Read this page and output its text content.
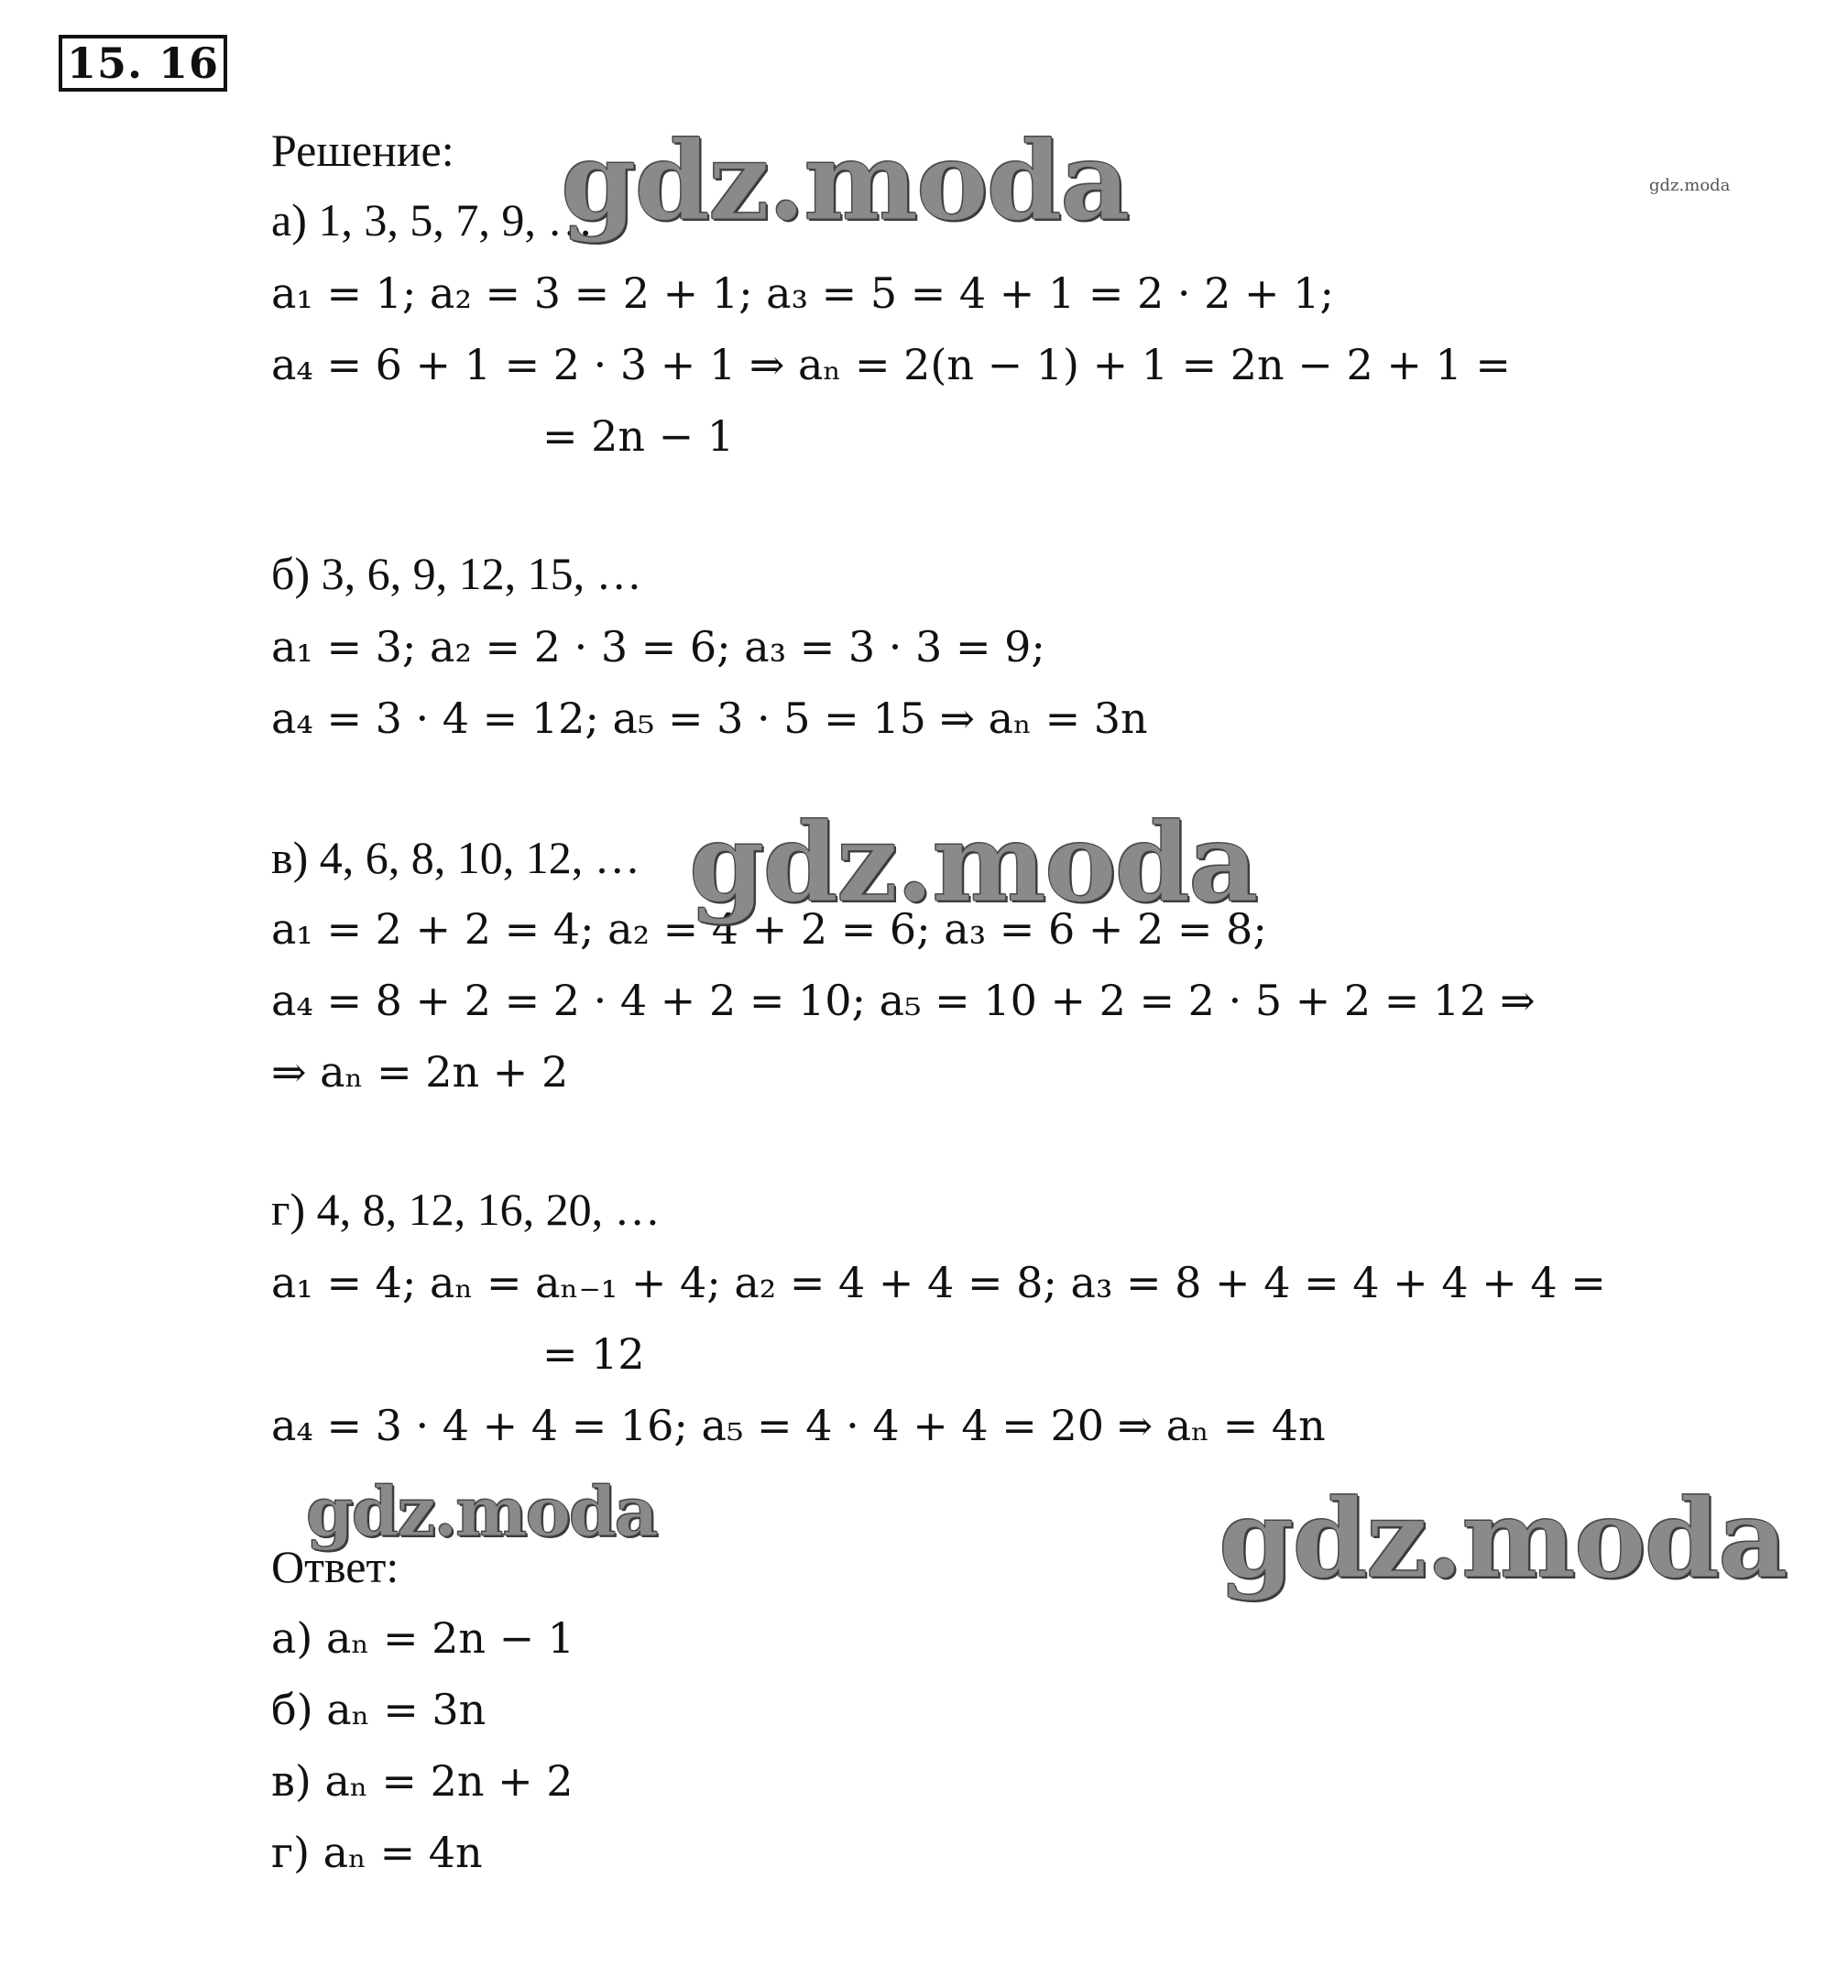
15. 16
Решение:
а) 1, 3, 5, 7, 9, …
a₁ = 1; a₂ = 3 = 2 + 1; a₃ = 5 = 4 + 1 = 2 · 2 + 1;
a₄ = 6 + 1 = 2 · 3 + 1 ⇒ aₙ = 2(n − 1) + 1 = 2n − 2 + 1 =
= 2n − 1
б) 3, 6, 9, 12, 15, …
a₁ = 3; a₂ = 2 · 3 = 6; a₃ = 3 · 3 = 9;
a₄ = 3 · 4 = 12; a₅ = 3 · 5 = 15 ⇒ aₙ = 3n
в) 4, 6, 8, 10, 12, …
a₁ = 2 + 2 = 4; a₂ = 4 + 2 = 6; a₃ = 6 + 2 = 8;
a₄ = 8 + 2 = 2 · 4 + 2 = 10; a₅ = 10 + 2 = 2 · 5 + 2 = 12 ⇒
⇒ aₙ = 2n + 2
г) 4, 8, 12, 16, 20, …
a₁ = 4; aₙ = aₙ₋₁ + 4; a₂ = 4 + 4 = 8; a₃ = 8 + 4 = 4 + 4 + 4 =
= 12
a₄ = 3 · 4 + 4 = 16; a₅ = 4 · 4 + 4 = 20 ⇒ aₙ = 4n
Ответ:
а) aₙ = 2n − 1
б) aₙ = 3n
в) aₙ = 2n + 2
г) aₙ = 4n
gdz.moda	gdz.moda
gdz.moda
gdz.moda	gdz.moda
